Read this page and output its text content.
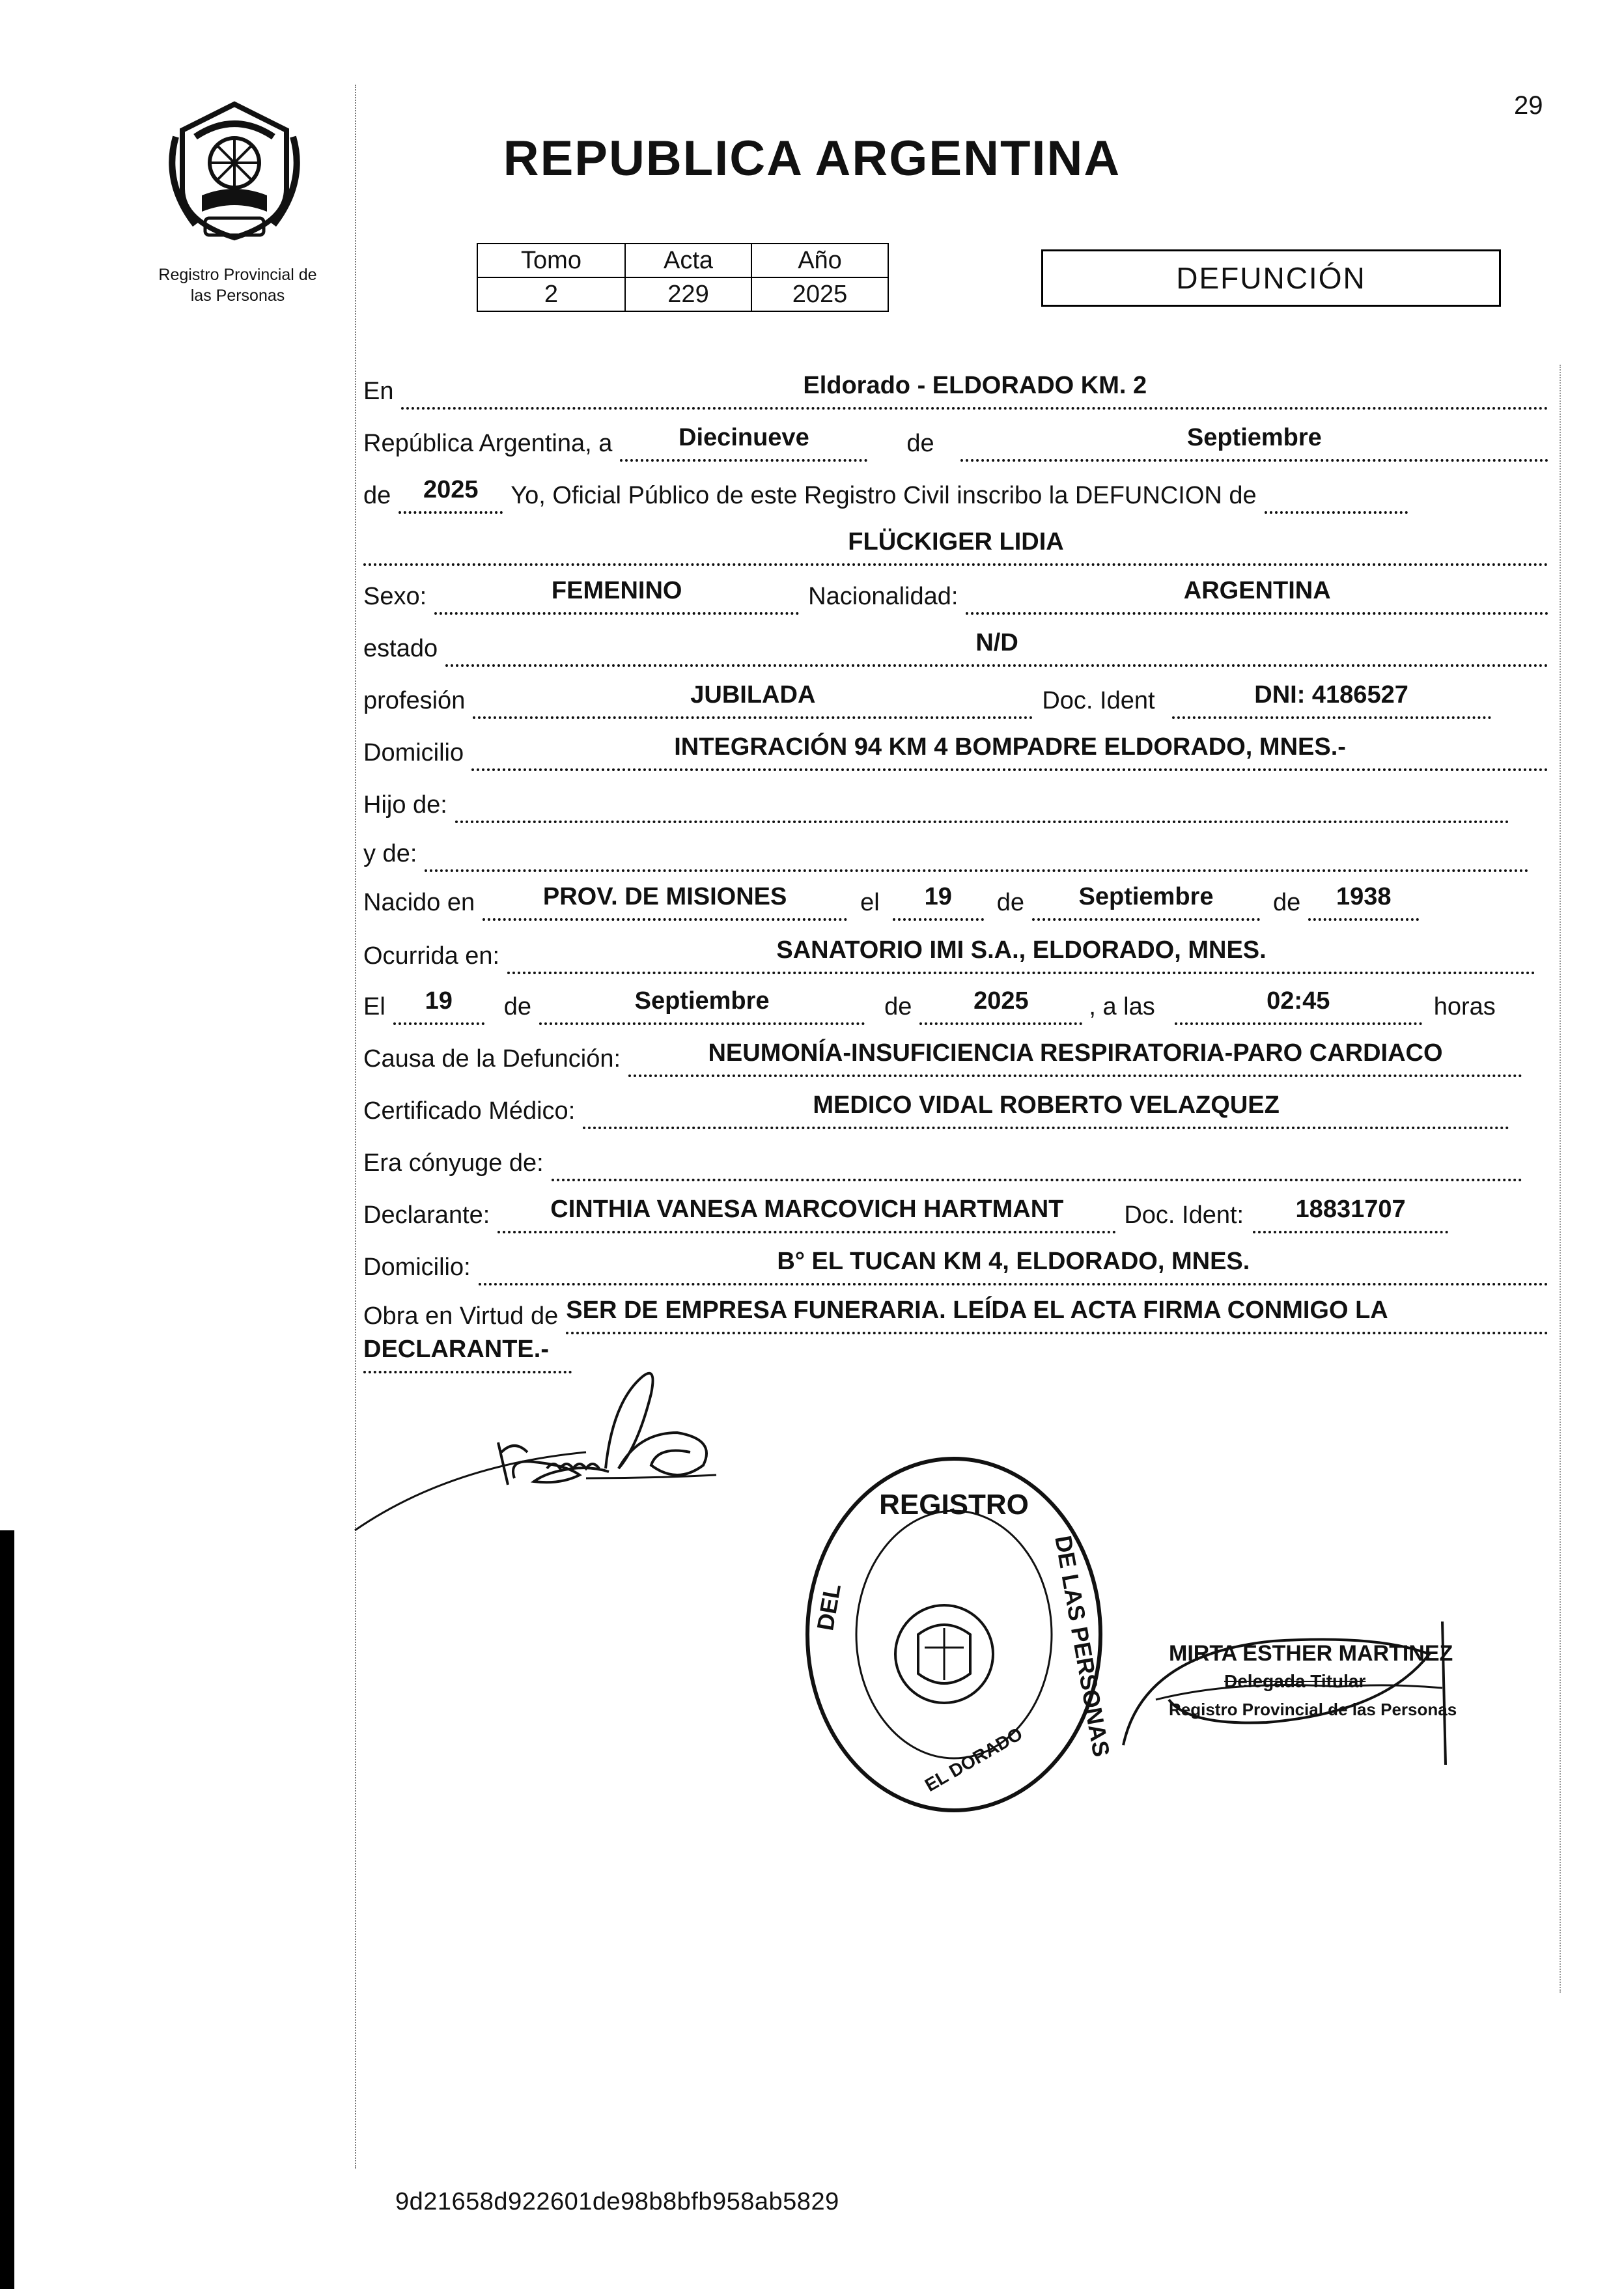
29
Registro Provincial de
las Personas
REPUBLICA ARGENTINA
Tomo	Acta	Año
2	229	2025	DEFUNCIÓN
En	Eldorado - ELDORADO KM. 2
República Argentina, a	Diecinueve	de	Septiembre
de	2025	Yo, Oficial Público de este Registro Civil inscribo la DEFUNCION de
FLÜCKIGER LIDIA
Sexo:	FEMENINO	Nacionalidad:	ARGENTINA
estado	N/D
profesión	JUBILADA	Doc. Ident	DNI: 4186527
Domicilio	INTEGRACIÓN 94 KM 4 BOMPADRE ELDORADO, MNES.-
Hijo de:
y de:
Nacido en	PROV. DE MISIONES	el	19	de	Septiembre	de	1938
Ocurrida en:	SANATORIO IMI S.A., ELDORADO, MNES.
El	19	de	Septiembre	de	2025	, a las	02:45	horas
Causa de la Defunción:	NEUMONÍA-INSUFICIENCIA RESPIRATORIA-PARO CARDIACO
Certificado Médico:	MEDICO VIDAL ROBERTO VELAZQUEZ
Era cónyuge de:
Declarante:	CINTHIA VANESA MARCOVICH HARTMANT	Doc. Ident:	18831707
Domicilio:	B° EL TUCAN KM 4, ELDORADO, MNES.
Obra en Virtud de SER DE EMPRESA FUNERARIA. LEÍDA EL ACTA FIRMA CONMIGO LA
DECLARANTE.-
REGISTRO
DE LAS PERSONAS
DEL
EL DORADO
MIRTA ESTHER MARTINEZ
Delegada Titular
Registro Provincial de las Personas
9d21658d922601de98b8bfb958ab5829
